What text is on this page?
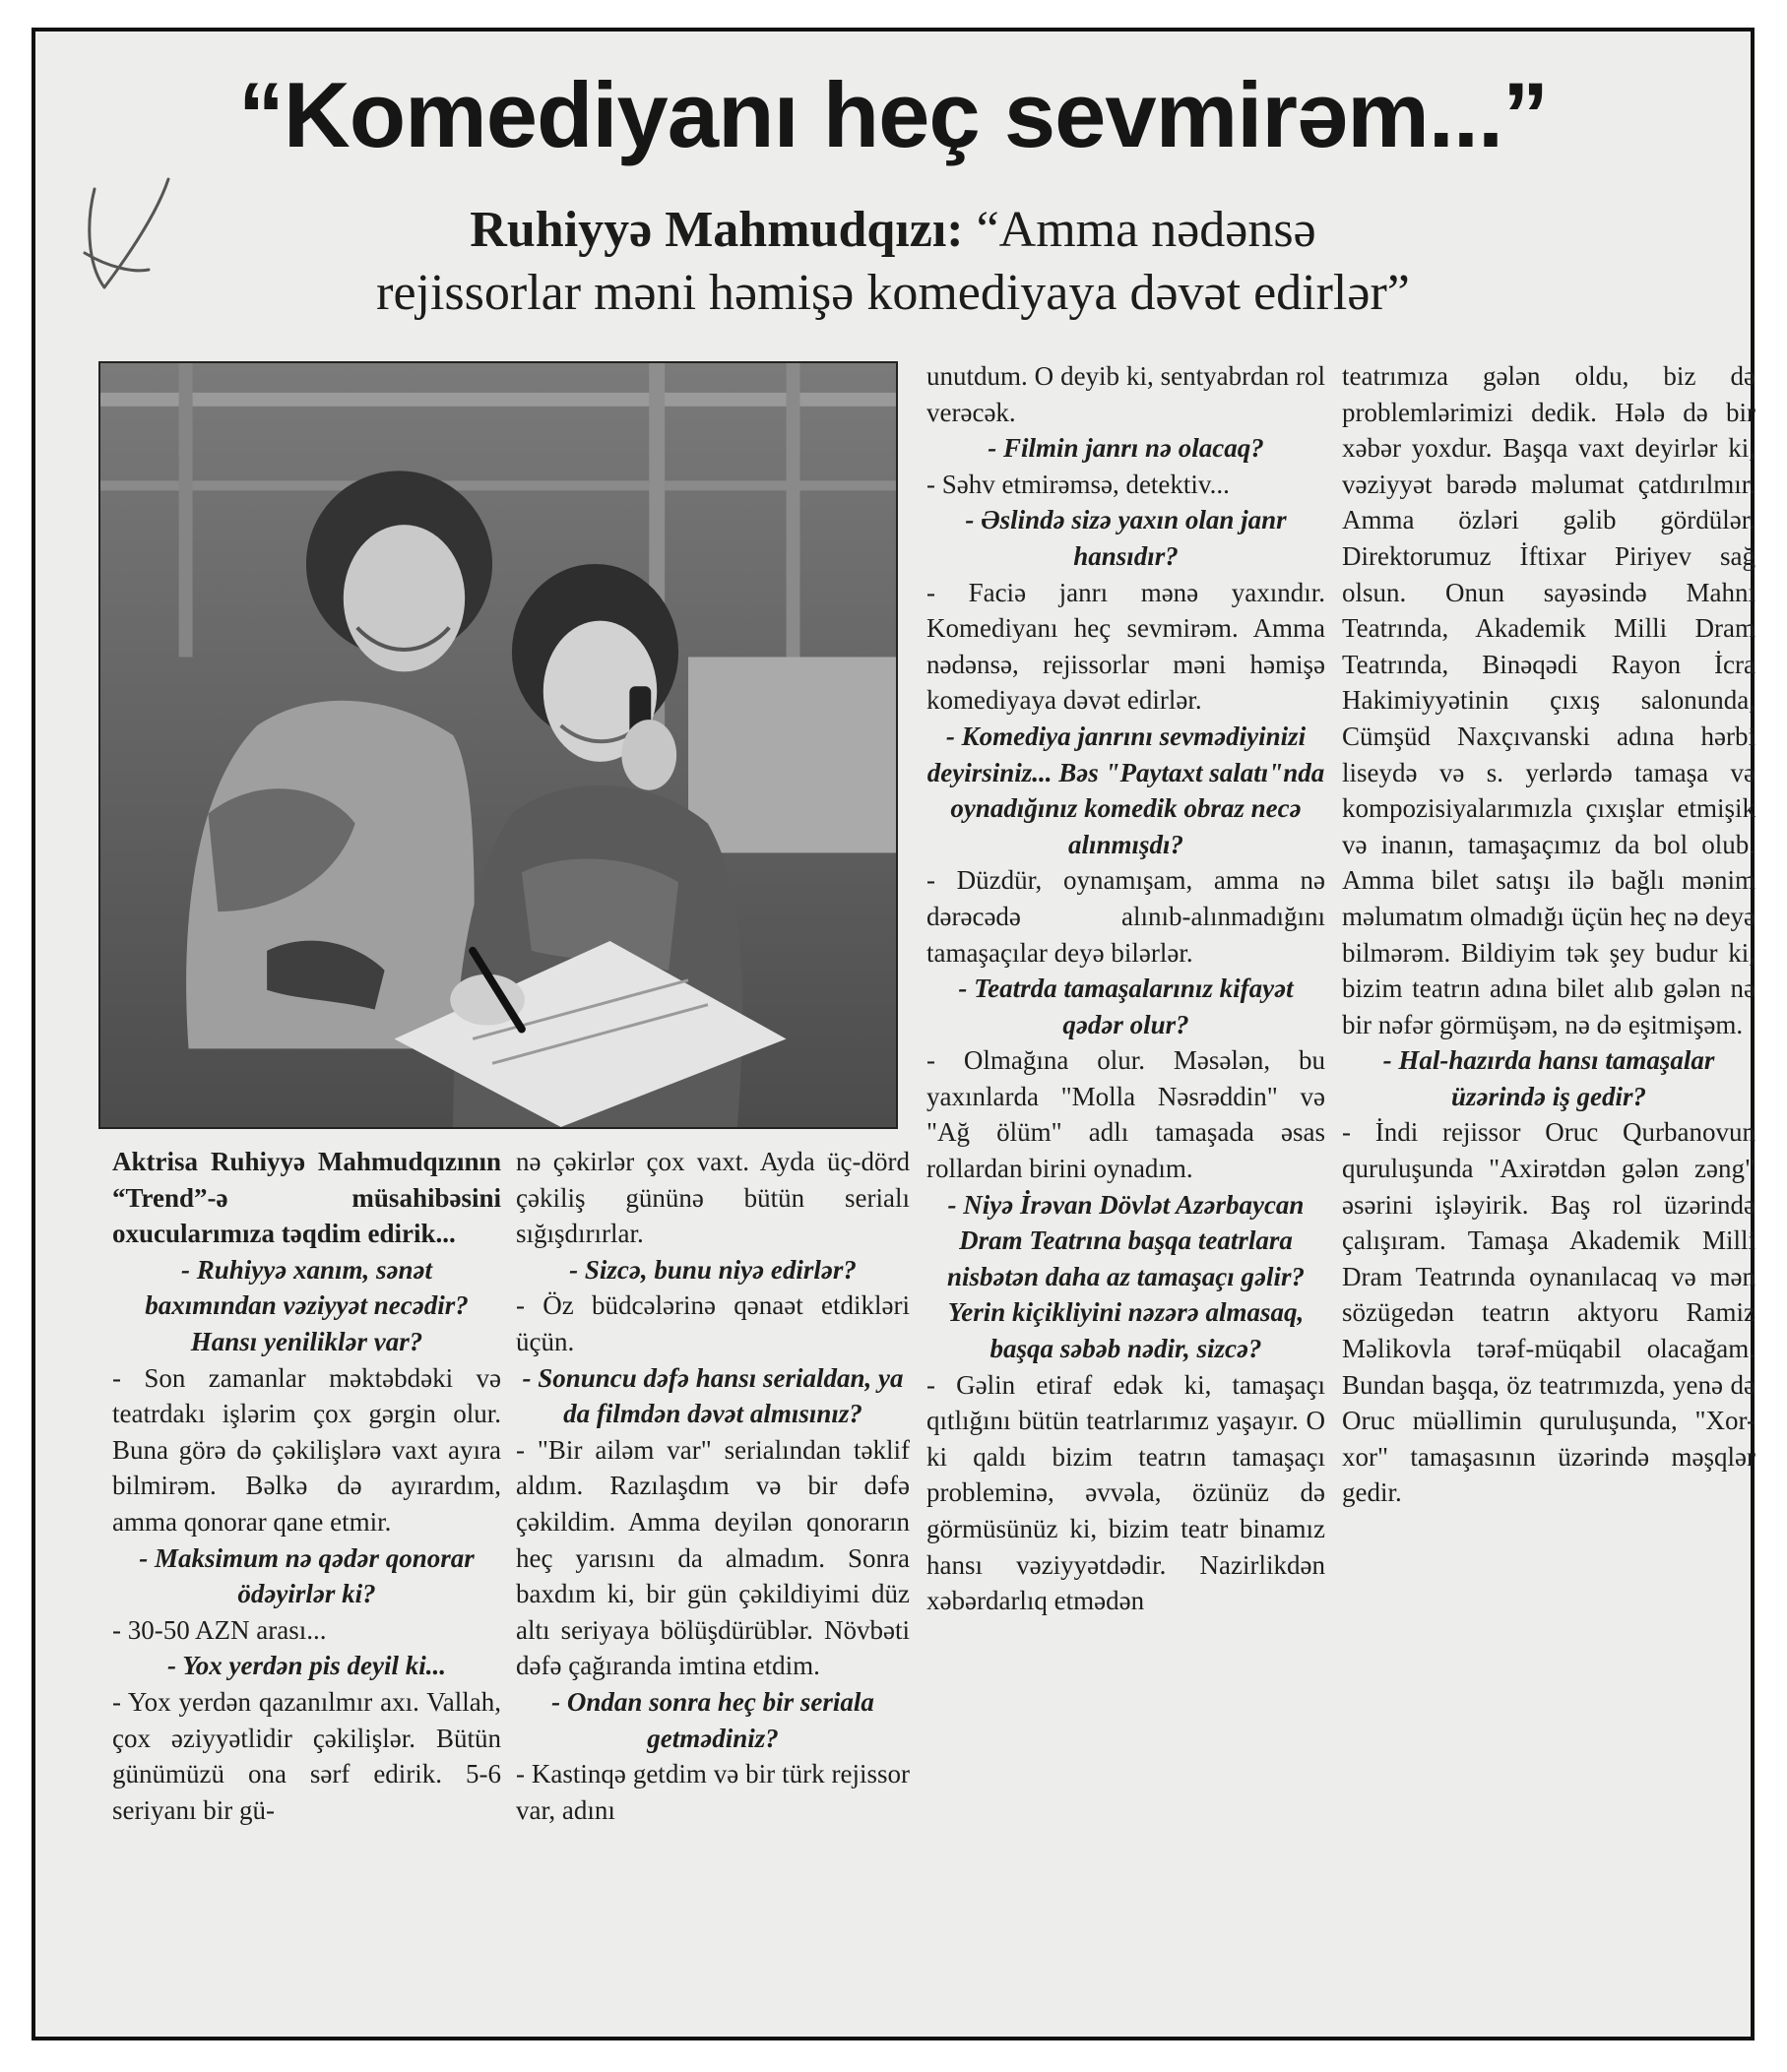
“Komediyanı heç sevmirəm...”
Ruhiyyə Mahmudqızı: “Amma nədənsə
rejissorlar məni həmişə komediyaya dəvət edirlər”

Aktrisa Ruhiyyə Mahmudqızının “Trend”-ə müsahibəsini oxucularımıza təqdim edirik...

- Ruhiyyə xanım, sənət baxımından vəziyyət necədir? Hansı yeniliklər var?

- Son zamanlar məktəbdəki və teatrdakı işlərim çox gərgin olur. Buna görə də çəkilişlərə vaxt ayıra bilmirəm. Bəlkə də ayırardım, amma qonorar qane etmir.

- Maksimum nə qədər qonorar ödəyirlər ki?

- 30-50 AZN arası...

- Yox yerdən pis deyil ki...

- Yox yerdən qazanılmır axı. Vallah, çox əziyyətlidir çəkilişlər. Bütün günümüzü ona sərf edirik. 5-6 seriyanı bir gü-

nə çəkirlər çox vaxt. Ayda üç-dörd çəkiliş gününə bütün serialı sığışdırırlar.

- Sizcə, bunu niyə edirlər?

- Öz büdcələrinə qənaət etdikləri üçün.

- Sonuncu dəfə hansı serialdan, ya da filmdən dəvət almısınız?

- "Bir ailəm var" serialından təklif aldım. Razılaşdım və bir dəfə çəkildim. Amma deyilən qonorarın heç yarısını da almadım. Sonra baxdım ki, bir gün çəkildiyimi düz altı seriyaya bölüşdürüblər. Növbəti dəfə çağıranda imtina etdim.

- Ondan sonra heç bir seriala getmədiniz?

- Kastinqə getdim və bir türk rejissor var, adını

unutdum. O deyib ki, sentyabrdan rol verəcək.

- Filmin janrı nə olacaq?

- Səhv etmirəmsə, detektiv...

- Əslində sizə yaxın olan janr hansıdır?

- Faciə janrı mənə yaxındır. Komediyanı heç sevmirəm. Amma nədənsə, rejissorlar məni həmişə komediyaya dəvət edirlər.

- Komediya janrını sevmədiyinizi deyirsiniz... Bəs "Paytaxt salatı"nda oynadığınız komedik obraz necə alınmışdı?

- Düzdür, oynamışam, amma nə dərəcədə alınıb-alınmadığını tamaşaçılar deyə bilərlər.

- Teatrda tamaşalarınız kifayət qədər olur?

- Olmağına olur. Məsələn, bu yaxınlarda "Molla Nəsrəddin" və "Ağ ölüm" adlı tamaşada əsas rollardan birini oynadım.

- Niyə İrəvan Dövlət Azərbaycan Dram Teatrına başqa teatrlara nisbətən daha az tamaşaçı gəlir? Yerin kiçikliyini nəzərə almasaq, başqa səbəb nədir, sizcə?

- Gəlin etiraf edək ki, tamaşaçı qıtlığını bütün teatrlarımız yaşayır. O ki qaldı bizim teatrın tamaşaçı probleminə, əvvəla, özünüz də görmüsünüz ki, bizim teatr binamız hansı vəziyyətdədir. Nazirlikdən xəbərdarlıq etmədən

teatrımıza gələn oldu, biz də problemlərimizi dedik. Hələ də bir xəbər yoxdur. Başqa vaxt deyirlər ki, vəziyyət barədə məlumat çatdırılmır. Amma özləri gəlib gördülər. Direktorumuz İftixar Piriyev sağ olsun. Onun sayəsində Mahnı Teatrında, Akademik Milli Dram Teatrında, Binəqədi Rayon İcra Hakimiyyətinin çıxış salonunda, Cümşüd Naxçıvanski adına hərbi liseydə və s. yerlərdə tamaşa və kompozisiyalarımızla çıxışlar etmişik və inanın, tamaşaçımız da bol olub. Amma bilet satışı ilə bağlı mənim məlumatım olmadığı üçün heç nə deyə bilmərəm. Bildiyim tək şey budur ki, bizim teatrın adına bilet alıb gələn nə bir nəfər görmüşəm, nə də eşitmişəm.

- Hal-hazırda hansı tamaşalar üzərində iş gedir?

- İndi rejissor Oruc Qurbanovun quruluşunda "Axirətdən gələn zəng" əsərini işləyirik. Baş rol üzərində çalışıram. Tamaşa Akademik Milli Dram Teatrında oynanılacaq və mən sözügedən teatrın aktyoru Ramiz Məlikovla tərəf-müqabil olacağam. Bundan başqa, öz teatrımızda, yenə də Oruc müəllimin quruluşunda, "Xor-xor" tamaşasının üzərində məşqlər gedir.
